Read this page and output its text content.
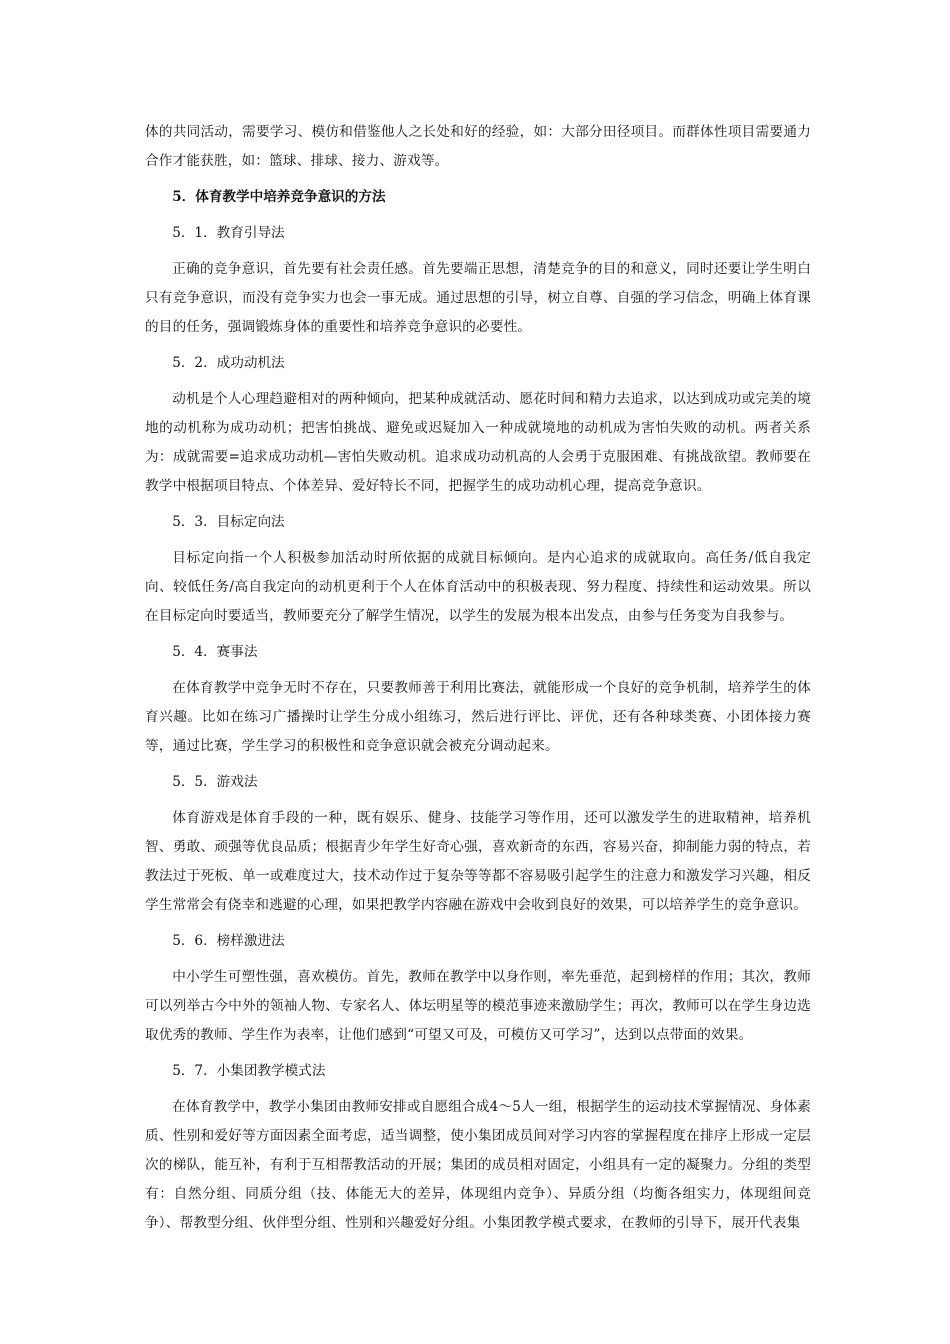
体的共同活动，需要学习、模仿和借鉴他人之长处和好的经验，如：大部分田径项目。而群体性项目需要通力合作才能获胜，如：篮球、排球、接力、游戏等。

5．体育教学中培养竞争意识的方法
5．1．教育引导法

正确的竞争意识，首先要有社会责任感。首先要端正思想，清楚竞争的目的和意义，同时还要让学生明白只有竞争意识，而没有竞争实力也会一事无成。通过思想的引导，树立自尊、自强的学习信念，明确上体育课的目的任务，强调锻炼身体的重要性和培养竞争意识的必要性。

5．2．成功动机法

动机是个人心理趋避相对的两种倾向，把某种成就活动、愿花时间和精力去追求，以达到成功或完美的境地的动机称为成功动机；把害怕挑战、避免或迟疑加入一种成就境地的动机成为害怕失败的动机。两者关系为：成就需要=追求成功动机—害怕失败动机。追求成功动机高的人会勇于克服困难、有挑战欲望。教师要在教学中根据项目特点、个体差异、爱好特长不同，把握学生的成功动机心理，提高竞争意识。

5．3．目标定向法

目标定向指一个人积极参加活动时所依据的成就目标倾向。是内心追求的成就取向。高任务/低自我定向、较低任务/高自我定向的动机更利于个人在体育活动中的积极表现、努力程度、持续性和运动效果。所以在目标定向时要适当，教师要充分了解学生情况，以学生的发展为根本出发点，由参与任务变为自我参与。

5．4．赛事法

在体育教学中竞争无时不存在，只要教师善于利用比赛法，就能形成一个良好的竞争机制，培养学生的体育兴趣。比如在练习广播操时让学生分成小组练习，然后进行评比、评优，还有各种球类赛、小团体接力赛等，通过比赛，学生学习的积极性和竞争意识就会被充分调动起来。

5．5．游戏法

体育游戏是体育手段的一种，既有娱乐、健身、技能学习等作用，还可以激发学生的进取精神，培养机智、勇敢、顽强等优良品质；根据青少年学生好奇心强，喜欢新奇的东西，容易兴奋，抑制能力弱的特点，若教法过于死板、单一或难度过大，技术动作过于复杂等等都不容易吸引起学生的注意力和激发学习兴趣，相反学生常常会有侥幸和逃避的心理，如果把教学内容融在游戏中会收到良好的效果，可以培养学生的竞争意识。

5．6．榜样激进法

中小学生可塑性强，喜欢模仿。首先，教师在教学中以身作则，率先垂范，起到榜样的作用；其次，教师可以列举古今中外的领袖人物、专家名人、体坛明星等的模范事迹来激励学生；再次，教师可以在学生身边选取优秀的教师、学生作为表率，让他们感到“可望又可及，可模仿又可学习”，达到以点带面的效果。

5．7．小集团教学模式法

在体育教学中，教学小集团由教师安排或自愿组合成4～5人一组，根据学生的运动技术掌握情况、身体素质、性别和爱好等方面因素全面考虑，适当调整，使小集团成员间对学习内容的掌握程度在排序上形成一定层次的梯队，能互补，有利于互相帮教活动的开展；集团的成员相对固定，小组具有一定的凝聚力。分组的类型有：自然分组、同质分组（技、体能无大的差异，体现组内竞争）、异质分组（均衡各组实力，体现组间竞争）、帮教型分组、伙伴型分组、性别和兴趣爱好分组。小集团教学模式要求，在教师的引导下，展开代表集
